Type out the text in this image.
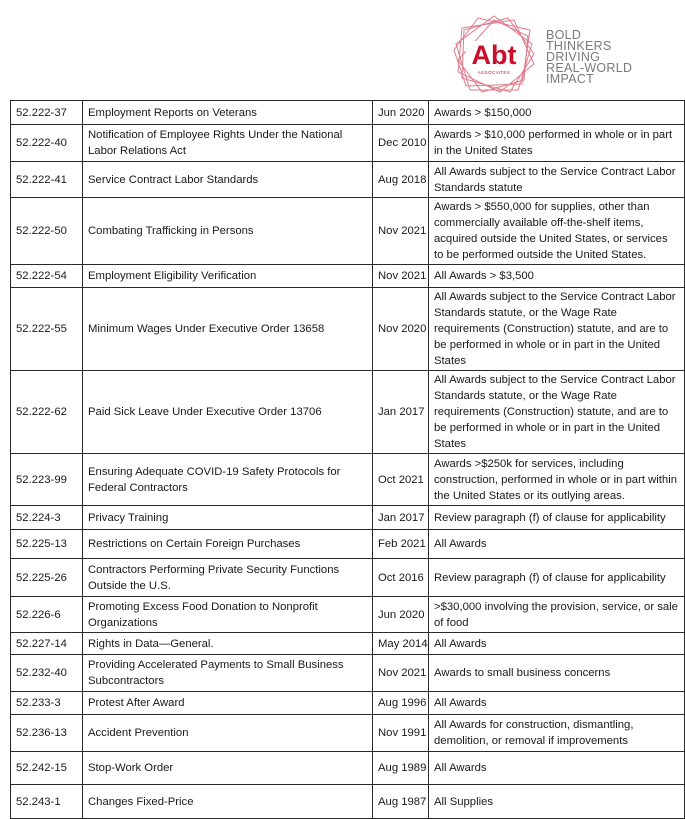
Abt
ASSOCIATES
BOLD
THINKERS
DRIVING
REAL-WORLD
IMPACT
52.222-37	Employment Reports on Veterans	Jun 2020	Awards > $150,000
52.222-40	Notification of Employee Rights Under the National Labor Relations Act	Dec 2010	Awards > $10,000 performed in whole or in part in the United States
52.222-41	Service Contract Labor Standards	Aug 2018	All Awards subject to the Service Contract Labor Standards statute
52.222-50	Combating Trafficking in Persons	Nov 2021	Awards > $550,000 for supplies, other than commercially available off-the-shelf items, acquired outside the United States, or services to be performed outside the United States.
52.222-54	Employment Eligibility Verification	Nov 2021	All Awards > $3,500
52.222-55	Minimum Wages Under Executive Order 13658	Nov 2020	All Awards subject to the Service Contract Labor Standards statute, or the Wage Rate requirements (Construction) statute, and are to be performed in whole or in part in the United States
52.222-62	Paid Sick Leave Under Executive Order 13706	Jan 2017	All Awards subject to the Service Contract Labor Standards statute, or the Wage Rate requirements (Construction) statute, and are to be performed in whole or in part in the United States
52.223-99	Ensuring Adequate COVID-19 Safety Protocols for Federal Contractors	Oct 2021	Awards >$250k for services, including construction, performed in whole or in part within the United States or its outlying areas.
52.224-3	Privacy Training	Jan 2017	Review paragraph (f) of clause for applicability
52.225-13	Restrictions on Certain Foreign Purchases	Feb 2021	All Awards
52.225-26	Contractors Performing Private Security Functions Outside the U.S.	Oct 2016	Review paragraph (f) of clause for applicability
52.226-6	Promoting Excess Food Donation to Nonprofit Organizations	Jun 2020	>$30,000 involving the provision, service, or sale of food
52.227-14	Rights in Data—General.	May 2014	All Awards
52.232-40	Providing Accelerated Payments to Small Business Subcontractors	Nov 2021	Awards to small business concerns
52.233-3	Protest After Award	Aug 1996	All Awards
52.236-13	Accident Prevention	Nov 1991	All Awards for construction, dismantling, demolition, or removal if improvements
52.242-15	Stop-Work Order	Aug 1989	All Awards
52.243-1	Changes Fixed-Price	Aug 1987	All Supplies
